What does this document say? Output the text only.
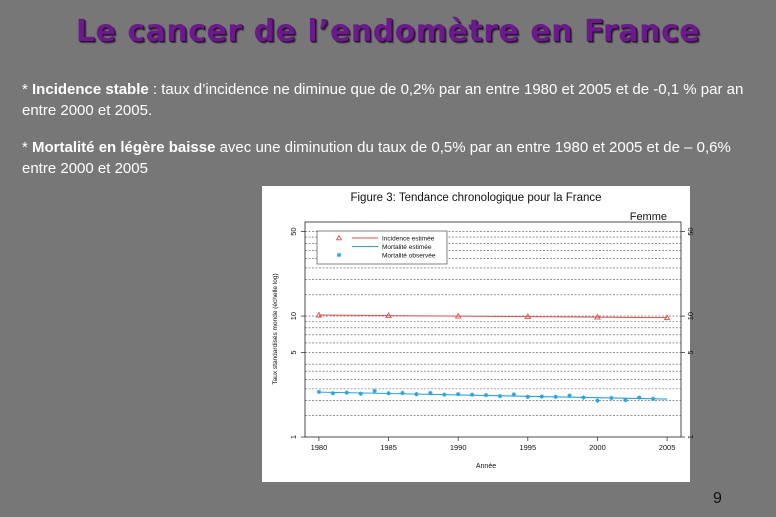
Le cancer de l’endomètre en France
* Incidence stable : taux d’incidence ne diminue que de 0,2% par an entre 1980 et 2005 et de -0,1 % par an entre 2000 et 2005.
* Mortalité en légère baisse avec une diminution du taux de 0,5% par an entre 1980 et 2005 et de – 0,6% entre 2000 et 2005
Figure 3: Tendance chronologique pour la France
Femme
Année
Taux standardisés monde (échelle log)
1980	1985	1990	1995	2000	2005
1	1
5	5
10	10
50	50
Incidence estimée
Mortalité estimée
Mortalité observée
9
